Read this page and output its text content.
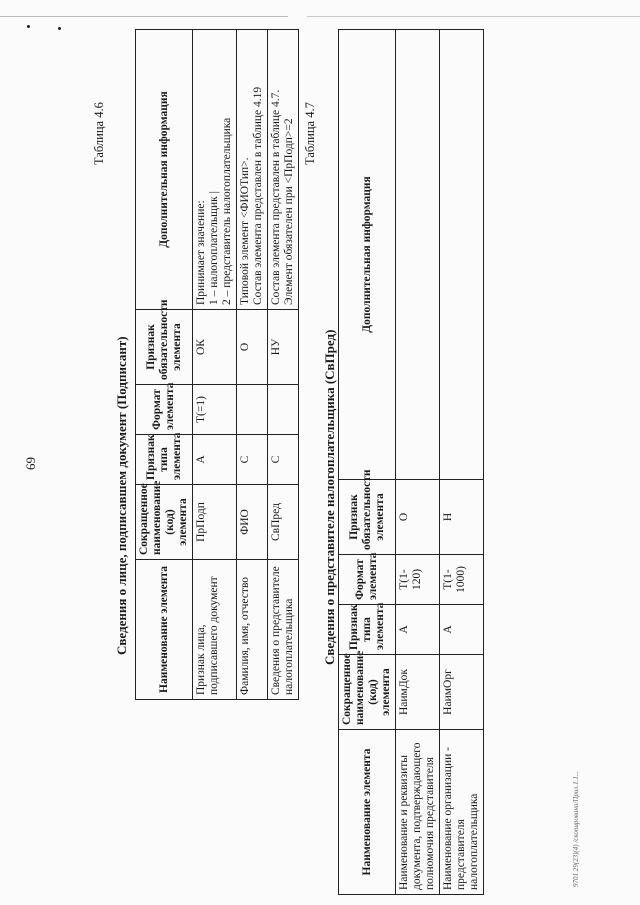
69
Таблица 4.6
Сведения о лице, подписавшем документ (Подписант) Наименование элемента	Сокращенное наименование (код) элемента	Признак типа элемента	Формат элемента	Признак обязательности элемента	Дополнительная информация
Признак лица, подписавшего документ	ПрПодп	А	Т(=1)	ОК	Принимает значение: 1 – налогоплательщик | 2 – представитель налогоплательщика

Фамилия, имя, отчество	ФИО	С		О	Типовой элемент <ФИОТип>. Состав элемента представлен в таблице 4.19

Сведения о представителе налогоплательщика	СвПред	С		НУ	Состав элемента представлен в таблице 4.7. Элемент обязателен при <ПрПодп>=2 Таблица 4.7
Сведения о представителе налогоплательщика (СвПред)
Наименование элемента	Сокращенное наименование (код) элемента	Признак типа элемента	Формат элемента	Признак обязательности элемента	Дополнительная информация
Наименование и реквизиты документа, подтверждающего полномочия представителя	НаимДок	А	Т(1-120)	О	
Наименование организации - представителя налогоплательщика	НаимОрг	А	Т(1-1000)	Н	
9701 29(23)(4) /скопировано/Прил.1.1...
